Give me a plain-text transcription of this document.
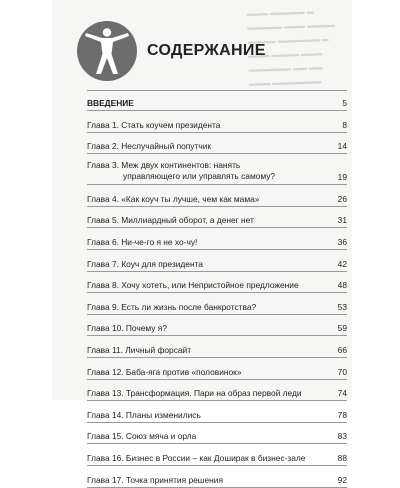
▬▬▬ ▬▬▬▬▬ ▬
▬▬▬▬▬ ▬▬▬ ▬▬▬▬
▬▬▬▬ ▬▬▬▬▬▬ ▬
▬▬▬ ▬▬▬▬ ▬▬▬
▬▬▬▬▬▬ ▬▬ ▬▬
▬▬▬ ▬▬▬▬▬▬▬
СОДЕРЖАНИЕ
ВВЕДЕНИЕ	5
Глава 1. Стать коучем президента	8
Глава 2. Неслучайный попутчик	14
Глава 3. Меж двух континентов: нанять
управляющего или управлять самому?	19
Глава 4. «Как коуч ты лучше, чем как мама»	26
Глава 5. Миллиардный оборот, а денег нет	31
Глава 6. Ни-че-го я не хо-чу!	36
Глава 7. Коуч для президента	42
Глава 8. Хочу хотеть, или Непристойное предложение	48
Глава 9. Есть ли жизнь после банкротства?	53
Глава 10. Почему я?	59
Глава 11. Личный форсайт	66
Глава 12. Баба-яга против «половинок»	70
Глава 13. Трансформация. Пари на образ первой леди	74
Глава 14. Планы изменились	78
Глава 15. Союз мяча и орла	83
Глава 16. Бизнес в России – как Доширак в бизнес-зале	88
Глава 17. Точка принятия решения	92
